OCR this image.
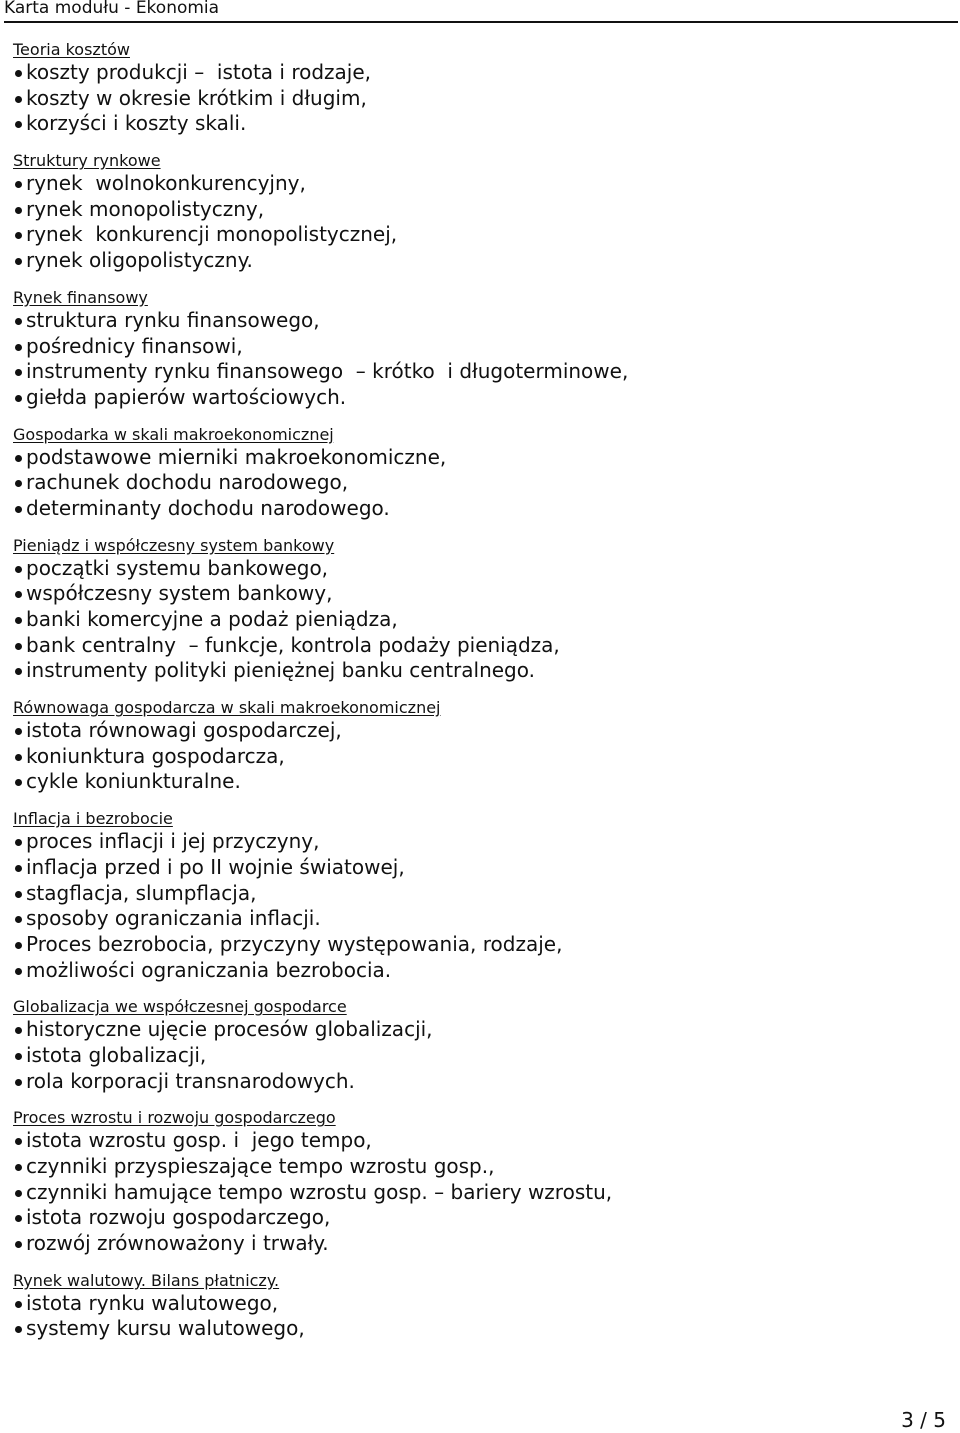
Karta modułu - Ekonomia
Teoria kosztów
koszty produkcji –  istota i rodzaje,
koszty w okresie krótkim i długim,
korzyści i koszty skali.
Struktury rynkowe
rynek  wolnokonkurencyjny,
rynek monopolistyczny,
rynek  konkurencji monopolistycznej,
rynek oligopolistyczny.
Rynek finansowy
struktura rynku finansowego,
pośrednicy finansowi,
instrumenty rynku finansowego  – krótko  i długoterminowe,
giełda papierów wartościowych.
Gospodarka w skali makroekonomicznej
podstawowe mierniki makroekonomiczne,
rachunek dochodu narodowego,
determinanty dochodu narodowego.
Pieniądz i współczesny system bankowy
początki systemu bankowego,
współczesny system bankowy,
banki komercyjne a podaż pieniądza,
bank centralny  – funkcje, kontrola podaży pieniądza,
instrumenty polityki pieniężnej banku centralnego.
Równowaga gospodarcza w skali makroekonomicznej
istota równowagi gospodarczej,
koniunktura gospodarcza,
cykle koniunkturalne.
Inflacja i bezrobocie
proces inflacji i jej przyczyny,
inflacja przed i po II wojnie światowej,
stagflacja, slumpflacja,
sposoby ograniczania inflacji.
Proces bezrobocia, przyczyny występowania, rodzaje,
możliwości ograniczania bezrobocia.
Globalizacja we współczesnej gospodarce
historyczne ujęcie procesów globalizacji,
istota globalizacji,
rola korporacji transnarodowych.
Proces wzrostu i rozwoju gospodarczego
istota wzrostu gosp. i  jego tempo,
czynniki przyspieszające tempo wzrostu gosp.,
czynniki hamujące tempo wzrostu gosp. – bariery wzrostu,
istota rozwoju gospodarczego,
rozwój zrównoważony i trwały.
Rynek walutowy. Bilans płatniczy.
istota rynku walutowego,
systemy kursu walutowego,
3 / 5
